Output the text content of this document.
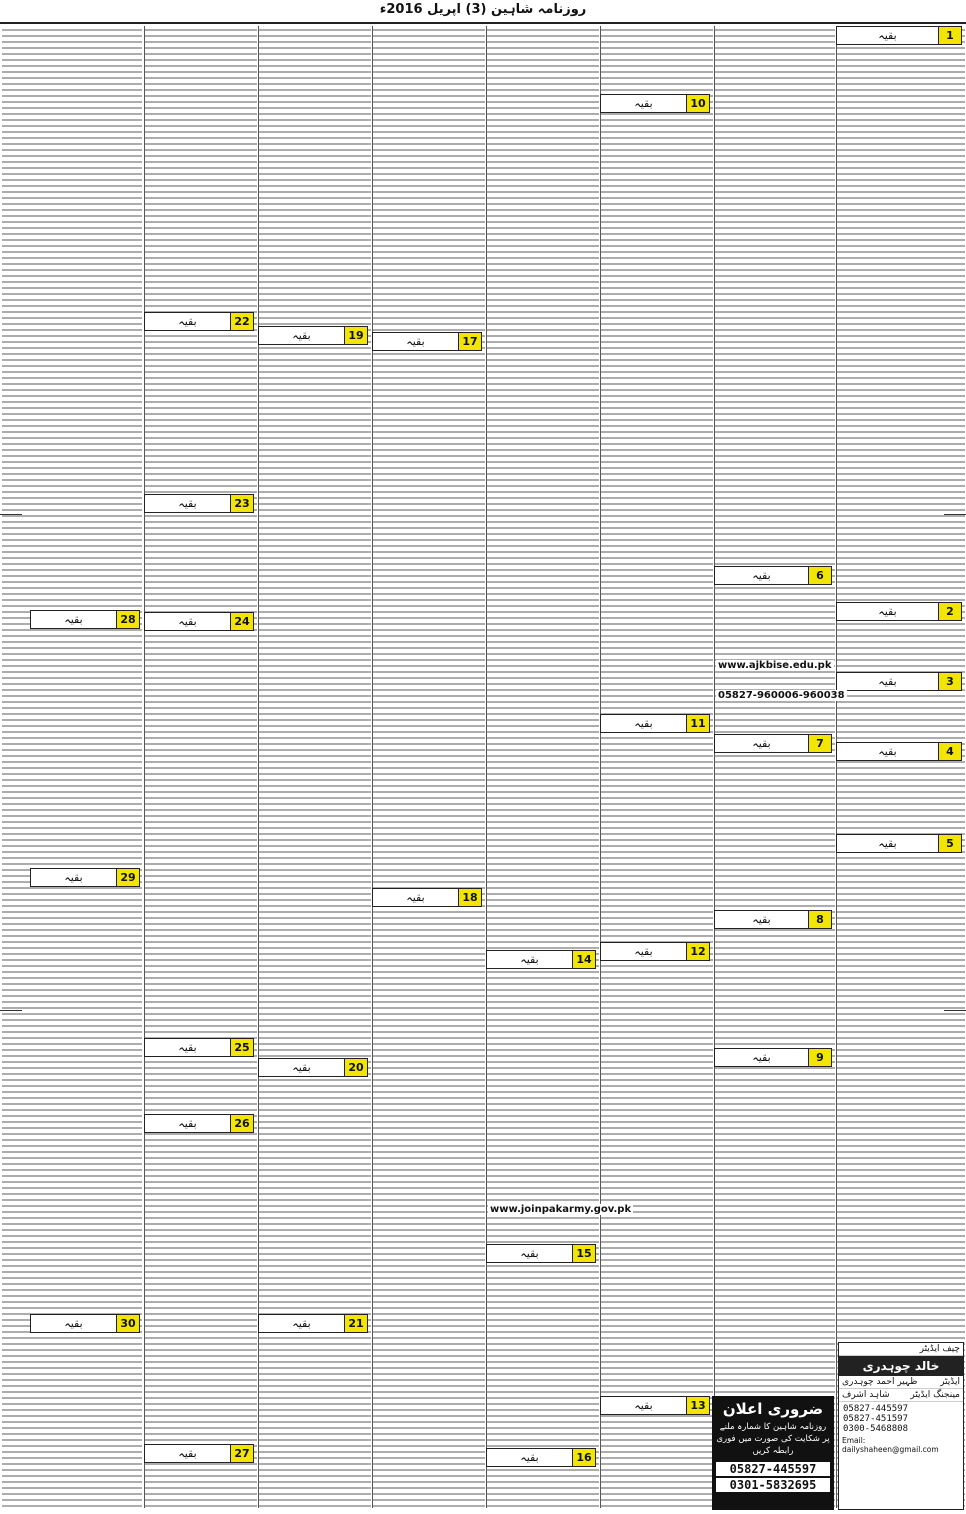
روزنامہ شاہین (3) اپریل 2016ء
بقیہ	1
بقیہ	2
بقیہ	3
بقیہ	4
بقیہ	5
بقیہ	6
بقیہ	7
بقیہ	8
بقیہ	9
بقیہ	10
بقیہ	11
بقیہ	12
بقیہ	13
بقیہ	14
بقیہ	15
بقیہ	16
بقیہ	17
بقیہ	18
بقیہ	19
بقیہ	20
بقیہ	21
بقیہ	22
بقیہ	23
بقیہ	24
بقیہ	25
بقیہ	26
بقیہ	27
بقیہ	28
بقیہ	29
بقیہ	30
www.ajkbise.edu.pk
www.joinpakarmy.gov.pk
05827-960006-960038
ضروری اعلان
روزنامہ شاہین کا شمارہ ملنے پر شکایت کی صورت میں فوری رابطہ کریں
05827-445597
0301-5832695
چیف ایڈیٹر
خالد چوہدری
ایڈیٹر
ظہیر احمد چوہدری
مینجنگ ایڈیٹر
شاہد اشرف
05827-445597
05827-451597
0300-5468808
Email: dailyshaheen@gmail.com
